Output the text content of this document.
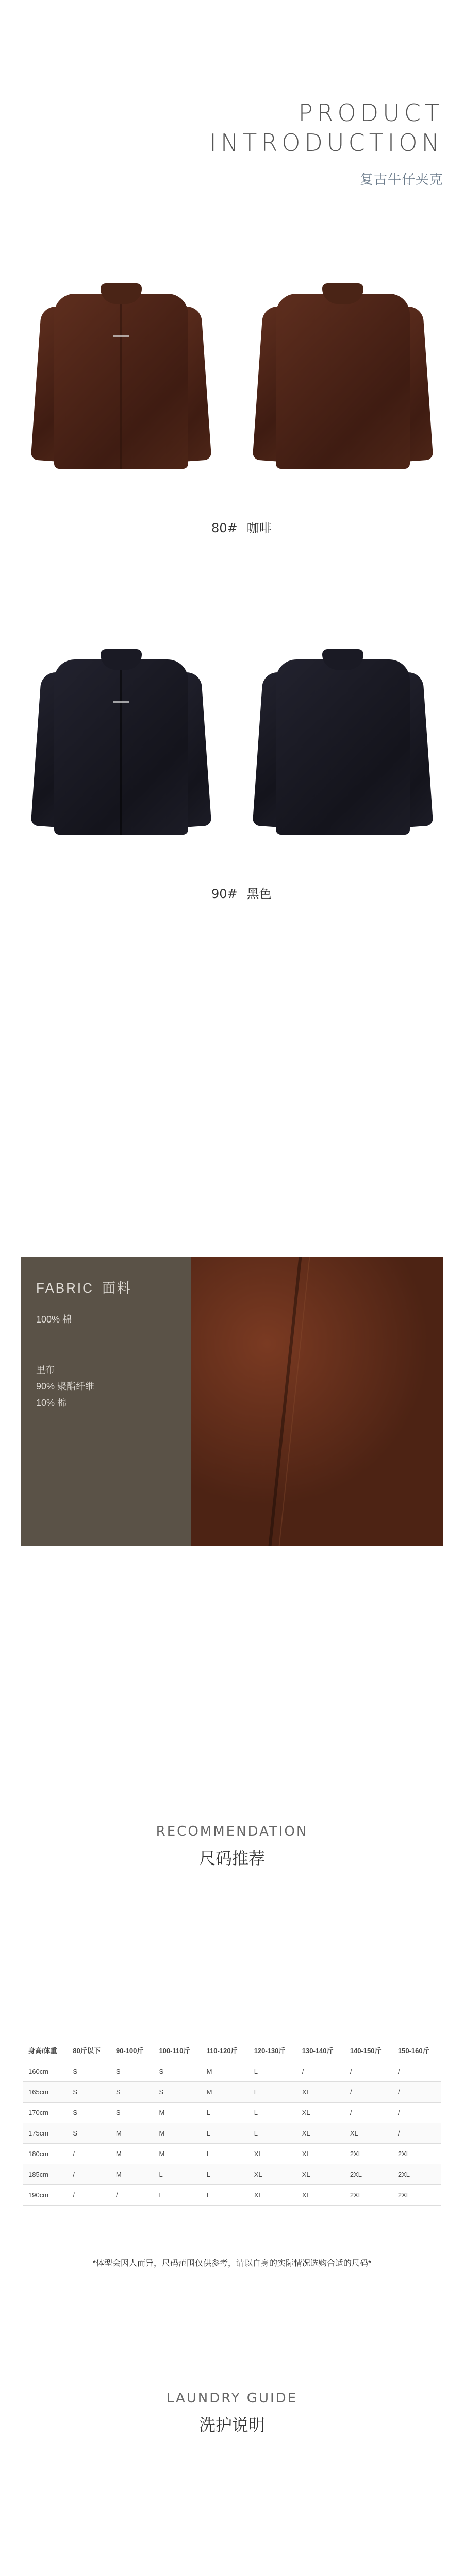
PRODUCT
INTRODUCTION
复古牛仔夹克
80# 咖啡
90# 黑色
FABRIC 面料
100% 棉
里布
90% 聚酯纤维
10% 棉
RECOMMENDATION
尺码推荐
身高/体重	80斤以下	90-100斤	100-110斤	110-120斤	120-130斤	130-140斤	140-150斤	150-160斤
160cm	S	S	S	M	L	/	/	/
165cm	S	S	S	M	L	XL	/	/
170cm	S	S	M	L	L	XL	/	/
175cm	S	M	M	L	L	XL	XL	/
180cm	/	M	M	L	XL	XL	2XL	2XL
185cm	/	M	L	L	XL	XL	2XL	2XL
190cm	/	/	L	L	XL	XL	2XL	2XL
*体型会因人而异，尺码范围仅供参考，请以自身的实际情况选购合适的尺码*
LAUNDRY GUIDE
洗护说明
